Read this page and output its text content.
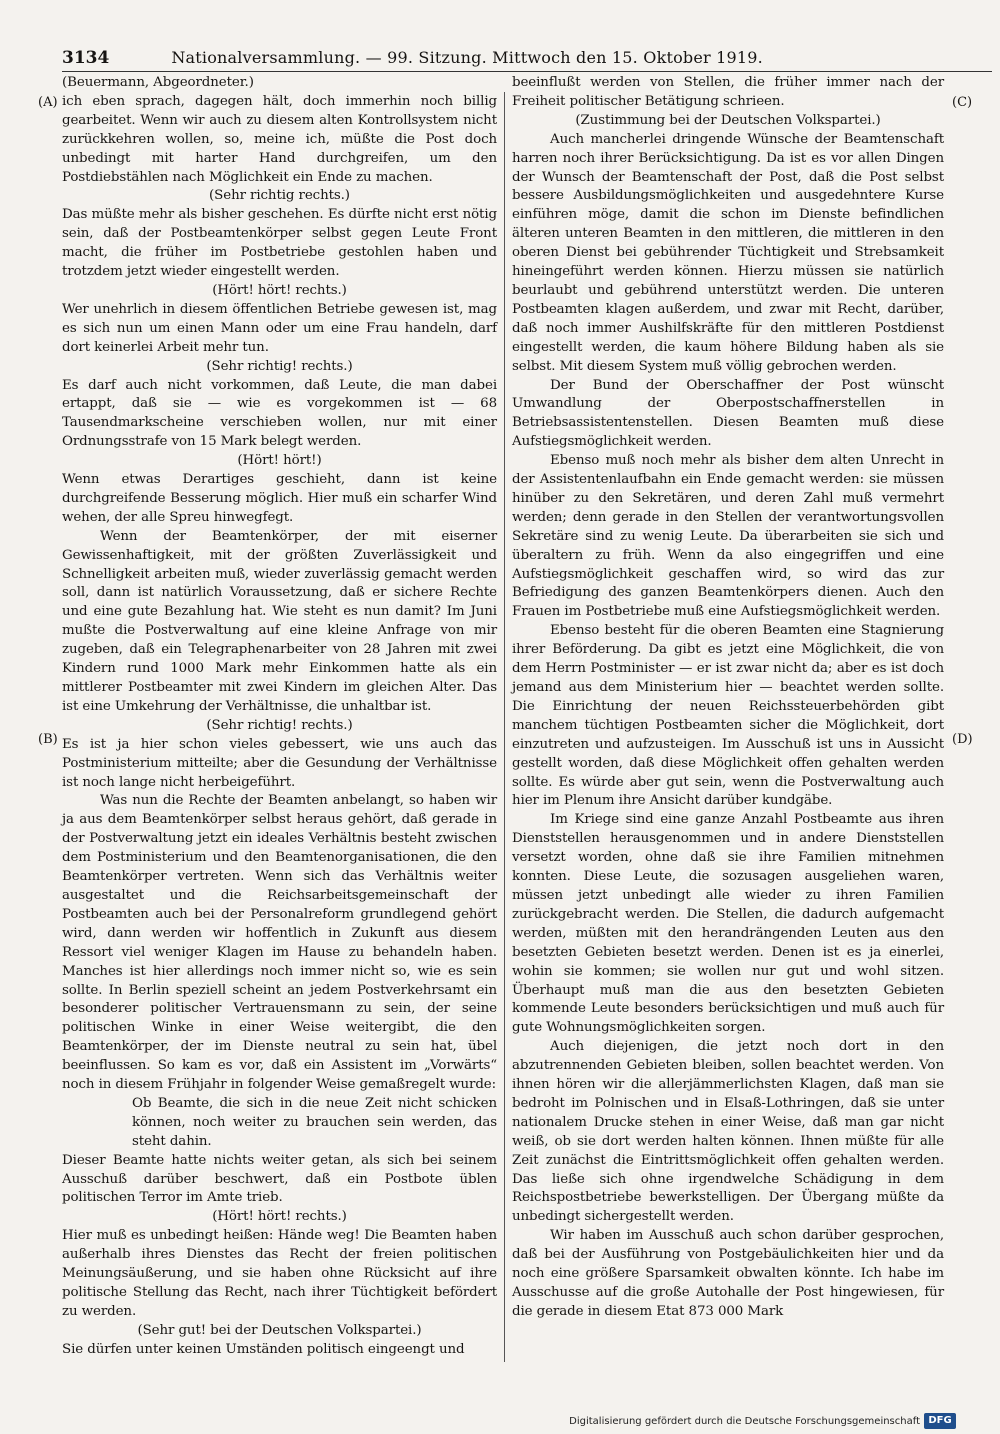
3134	Nationalversammlung. — 99. Sitzung. Mittwoch den 15. Oktober 1919.
(A)
(B)
(C)
(D)

(Beuermann, Abgeordneter.)

ich eben sprach, dagegen hält, doch immerhin noch billig gearbeitet. Wenn wir auch zu diesem alten Kontrollsystem nicht zurückkehren wollen, so, meine ich, müßte die Post doch unbedingt mit harter Hand durchgreifen, um den Postdiebstählen nach Möglichkeit ein Ende zu machen.

(Sehr richtig rechts.)

Das müßte mehr als bisher geschehen. Es dürfte nicht erst nötig sein, daß der Postbeamtenkörper selbst gegen Leute Front macht, die früher im Postbetriebe gestohlen haben und trotzdem jetzt wieder eingestellt werden.

(Hört! hört! rechts.)

Wer unehrlich in diesem öffentlichen Betriebe gewesen ist, mag es sich nun um einen Mann oder um eine Frau handeln, darf dort keinerlei Arbeit mehr tun.

(Sehr richtig! rechts.)

Es darf auch nicht vorkommen, daß Leute, die man dabei ertappt, daß sie — wie es vorgekommen ist — 68 Tausendmarkscheine verschieben wollen, nur mit einer Ordnungsstrafe von 15 Mark belegt werden.

(Hört! hört!)

Wenn etwas Derartiges geschieht, dann ist keine durchgreifende Besserung möglich. Hier muß ein scharfer Wind wehen, der alle Spreu hinwegfegt.

Wenn der Beamtenkörper, der mit eiserner Gewissenhaftigkeit, mit der größten Zuverlässigkeit und Schnelligkeit arbeiten muß, wieder zuverlässig gemacht werden soll, dann ist natürlich Voraussetzung, daß er sichere Rechte und eine gute Bezahlung hat. Wie steht es nun damit? Im Juni mußte die Postverwaltung auf eine kleine Anfrage von mir zugeben, daß ein Telegraphenarbeiter von 28 Jahren mit zwei Kindern rund 1000 Mark mehr Einkommen hatte als ein mittlerer Postbeamter mit zwei Kindern im gleichen Alter. Das ist eine Umkehrung der Verhältnisse, die unhaltbar ist.

(Sehr richtig! rechts.)

Es ist ja hier schon vieles gebessert, wie uns auch das Postministerium mitteilte; aber die Gesundung der Verhältnisse ist noch lange nicht herbeigeführt.

Was nun die Rechte der Beamten anbelangt, so haben wir ja aus dem Beamtenkörper selbst heraus gehört, daß gerade in der Postverwaltung jetzt ein ideales Verhältnis besteht zwischen dem Postministerium und den Beamtenorganisationen, die den Beamtenkörper vertreten. Wenn sich das Verhältnis weiter ausgestaltet und die Reichsarbeitsgemeinschaft der Postbeamten auch bei der Personalreform grundlegend gehört wird, dann werden wir hoffentlich in Zukunft aus diesem Ressort viel weniger Klagen im Hause zu behandeln haben. Manches ist hier allerdings noch immer nicht so, wie es sein sollte. In Berlin speziell scheint an jedem Postverkehrsamt ein besonderer politischer Vertrauensmann zu sein, der seine politischen Winke in einer Weise weitergibt, die den Beamtenkörper, der im Dienste neutral zu sein hat, übel beeinflussen. So kam es vor, daß ein Assistent im „Vorwärts“ noch in diesem Frühjahr in folgender Weise gemaßregelt wurde:

Ob Beamte, die sich in die neue Zeit nicht schicken können, noch weiter zu brauchen sein werden, das steht dahin.

Dieser Beamte hatte nichts weiter getan, als sich bei seinem Ausschuß darüber beschwert, daß ein Postbote üblen politischen Terror im Amte trieb.

(Hört! hört! rechts.)

Hier muß es unbedingt heißen: Hände weg! Die Beamten haben außerhalb ihres Dienstes das Recht der freien politischen Meinungsäußerung, und sie haben ohne Rücksicht auf ihre politische Stellung das Recht, nach ihrer Tüchtigkeit befördert zu werden.

(Sehr gut! bei der Deutschen Volkspartei.)

Sie dürfen unter keinen Umständen politisch eingeengt und

beeinflußt werden von Stellen, die früher immer nach der Freiheit politischer Betätigung schrieen.

(Zustimmung bei der Deutschen Volkspartei.)

Auch mancherlei dringende Wünsche der Beamtenschaft harren noch ihrer Berücksichtigung. Da ist es vor allen Dingen der Wunsch der Beamtenschaft der Post, daß die Post selbst bessere Ausbildungsmöglichkeiten und ausgedehntere Kurse einführen möge, damit die schon im Dienste befindlichen älteren unteren Beamten in den mittleren, die mittleren in den oberen Dienst bei gebührender Tüchtigkeit und Strebsamkeit hineingeführt werden können. Hierzu müssen sie natürlich beurlaubt und gebührend unterstützt werden. Die unteren Postbeamten klagen außerdem, und zwar mit Recht, darüber, daß noch immer Aushilfskräfte für den mittleren Postdienst eingestellt werden, die kaum höhere Bildung haben als sie selbst. Mit diesem System muß völlig gebrochen werden.

Der Bund der Oberschaffner der Post wünscht Umwandlung der Oberpostschaffnerstellen in Betriebsassistentenstellen. Diesen Beamten muß diese Aufstiegsmöglichkeit werden.

Ebenso muß noch mehr als bisher dem alten Unrecht in der Assistentenlaufbahn ein Ende gemacht werden: sie müssen hinüber zu den Sekretären, und deren Zahl muß vermehrt werden; denn gerade in den Stellen der verantwortungsvollen Sekretäre sind zu wenig Leute. Da überarbeiten sie sich und überaltern zu früh. Wenn da also eingegriffen und eine Aufstiegsmöglichkeit geschaffen wird, so wird das zur Befriedigung des ganzen Beamtenkörpers dienen. Auch den Frauen im Postbetriebe muß eine Aufstiegsmöglichkeit werden.

Ebenso besteht für die oberen Beamten eine Stagnierung ihrer Beförderung. Da gibt es jetzt eine Möglichkeit, die von dem Herrn Postminister — er ist zwar nicht da; aber es ist doch jemand aus dem Ministerium hier — beachtet werden sollte. Die Einrichtung der neuen Reichssteuerbehörden gibt manchem tüchtigen Postbeamten sicher die Möglichkeit, dort einzutreten und aufzusteigen. Im Ausschuß ist uns in Aussicht gestellt worden, daß diese Möglichkeit offen gehalten werden sollte. Es würde aber gut sein, wenn die Postverwaltung auch hier im Plenum ihre Ansicht darüber kundgäbe.

Im Kriege sind eine ganze Anzahl Postbeamte aus ihren Dienststellen herausgenommen und in andere Dienststellen versetzt worden, ohne daß sie ihre Familien mitnehmen konnten. Diese Leute, die sozusagen ausgeliehen waren, müssen jetzt unbedingt alle wieder zu ihren Familien zurückgebracht werden. Die Stellen, die dadurch aufgemacht werden, müßten mit den herandrängenden Leuten aus den besetzten Gebieten besetzt werden. Denen ist es ja einerlei, wohin sie kommen; sie wollen nur gut und wohl sitzen. Überhaupt muß man die aus den besetzten Gebieten kommende Leute besonders berücksichtigen und muß auch für gute Wohnungsmöglichkeiten sorgen.

Auch diejenigen, die jetzt noch dort in den abzutrennenden Gebieten bleiben, sollen beachtet werden. Von ihnen hören wir die allerjämmerlichsten Klagen, daß man sie bedroht im Polnischen und in Elsaß-Lothringen, daß sie unter nationalem Drucke stehen in einer Weise, daß man gar nicht weiß, ob sie dort werden halten können. Ihnen müßte für alle Zeit zunächst die Eintrittsmöglichkeit offen gehalten werden. Das ließe sich ohne irgendwelche Schädigung in dem Reichspostbetriebe bewerkstelligen. Der Übergang müßte da unbedingt sichergestellt werden.

Wir haben im Ausschuß auch schon darüber gesprochen, daß bei der Ausführung von Postgebäulichkeiten hier und da noch eine größere Sparsamkeit obwalten könnte. Ich habe im Ausschusse auf die große Autohalle der Post hingewiesen, für die gerade in diesem Etat 873 000 Mark

Digitalisierung gefördert durch die Deutsche Forschungsgemeinschaft DFG
